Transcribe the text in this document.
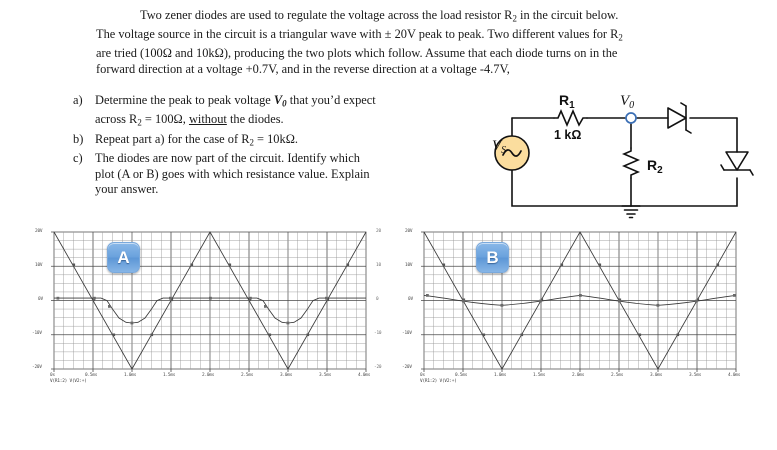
Two zener diodes are used to regulate the voltage across the load resistor $R_2$ in the circuit below.

The voltage source in the circuit is a triangular wave with ± 20V peak to peak. Two different values for $R_2$

are tried (100Ω and 10kΩ), producing the two plots which follow. Assume that each diode turns on in the

forward direction at a voltage +0.7V, and in the reverse direction at a voltage -4.7V,

a) Determine the peak to peak voltage $V_0$ that you’d expect
across $R_2 = 100\Omega$, without the diodes.
b) Repeat part a) for the case of $R_2 = 10k\Omega$.
c) The diodes are now part of the circuit. Identify which
plot (A or B) goes with which resistance value. Explain
your answer.
$V_S$
$R_1$
1 kΩ
$V_0$
$R_2$
20V
10V
0V
-10V
-20V
20
10
0
-10
-20
0s	0.5ms	1.0ms	1.5ms	2.0ms	2.5ms	3.0ms	3.5ms	4.0ms
V(R1:2) V(V2:+)
A
20V
10V
0V
-10V
-20V
0s	0.5ms	1.0ms	1.5ms	2.0ms	2.5ms	3.0ms	3.5ms	4.0ms
V(R1:2) V(V2:+)
B
